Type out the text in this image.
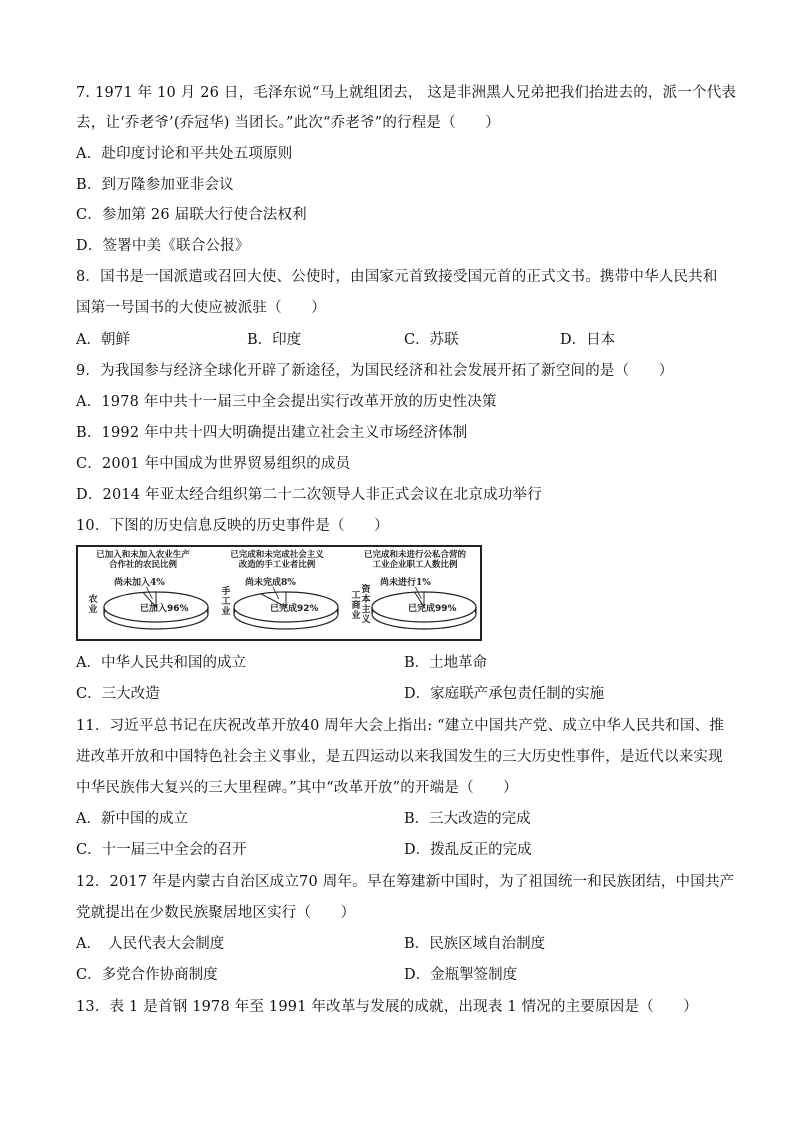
7. 1971 年 10 月 26 日，毛泽东说“马上就组团去， 这是非洲黑人兄弟把我们抬进去的，派一个代表
去，让‘乔老爷’(乔冠华) 当团长。”此次“乔老爷”的行程是（　　）
A．赴印度讨论和平共处五项原则
B．到万隆参加亚非会议
C．参加第 26 届联大行使合法权利
D．签署中美《联合公报》
8．国书是一国派遣或召回大使、公使时，由国家元首致接受国元首的正式文书。携带中华人民共和
国第一号国书的大使应被派驻（　　）
A．朝鲜	B．印度	C．苏联	D．日本
9．为我国参与经济全球化开辟了新途径，为国民经济和社会发展开拓了新空间的是（　　）
A．1978 年中共十一届三中全会提出实行改革开放的历史性决策
B．1992 年中共十四大明确提出建立社会主义市场经济体制
C．2001 年中国成为世界贸易组织的成员
D．2014 年亚太经合组织第二十二次领导人非正式会议在北京成功举行
10．下图的历史信息反映的历史事件是（　　）
已加入和未加入农业生产
合作社的农民比例
尚未加入4%
农业	已加入96%
已完成和未完成社会主义
改造的手工业者比例
尚未完成8%
手工业	已完成92%
已完成和未进行公私合营的
工业企业职工人数比例
尚未进行1%
资本主义
工商业
已完成99%
A．中华人民共和国的成立	B．土地革命
C．三大改造	D．家庭联产承包责任制的实施
11．习近平总书记在庆祝改革开放40 周年大会上指出: “建立中国共产党、成立中华人民共和国、推
进改革开放和中国特色社会主义事业，是五四运动以来我国发生的三大历史性事件，是近代以来实现
中华民族伟大复兴的三大里程碑。”其中“改革开放”的开端是（　　）
A．新中国的成立	B．三大改造的完成
C．十一届三中全会的召开	D．拨乱反正的完成
12．2017 年是内蒙古自治区成立70 周年。早在筹建新中国时，为了祖国统一和民族团结，中国共产
党就提出在少数民族聚居地区实行（　　）
A．　人民代表大会制度	B．民族区域自治制度
C．多党合作协商制度	D．金瓶掣签制度
13．表 1 是首钢 1978 年至 1991 年改革与发展的成就，出现表 1 情况的主要原因是（　　）
